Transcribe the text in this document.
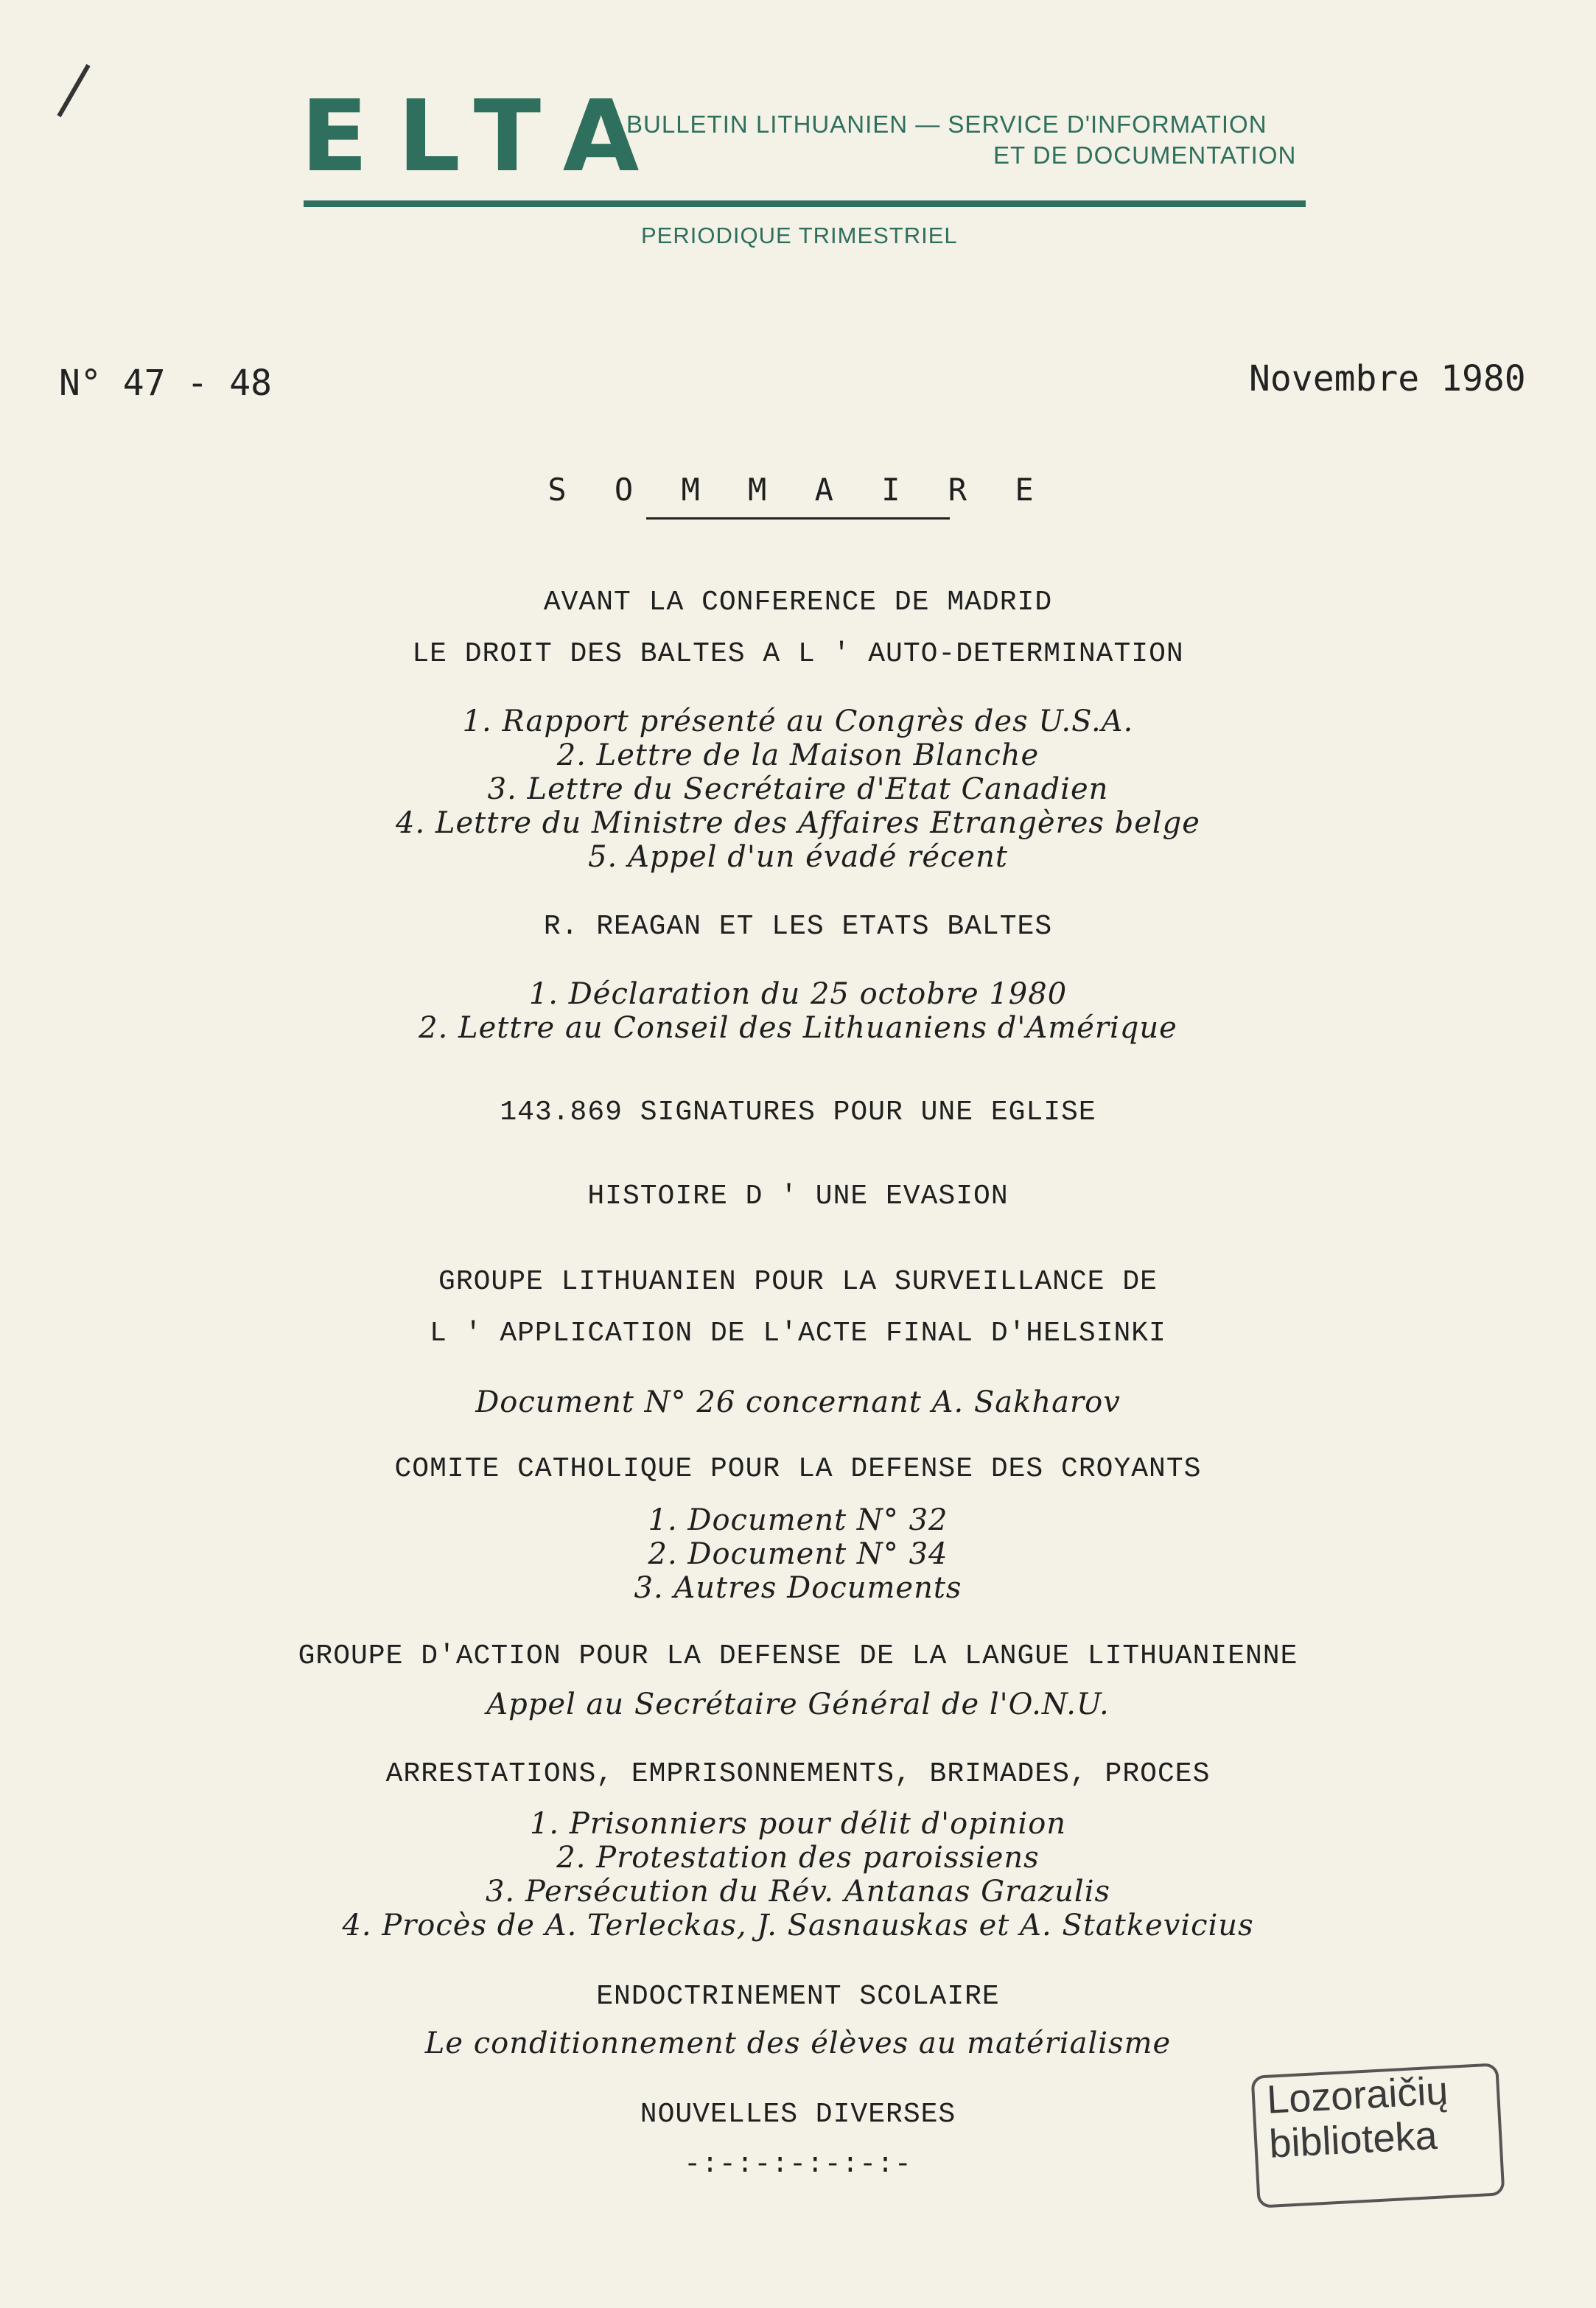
ELTA
BULLETIN LITHUANIEN — SERVICE D'INFORMATION
ET DE DOCUMENTATION
PERIODIQUE TRIMESTRIEL
N° 47 - 48	Novembre 1980
S O M M A I R E
AVANT LA CONFERENCE DE MADRID
LE DROIT DES BALTES A L ' AUTO-DETERMINATION
1. Rapport présenté au Congrès des U.S.A.
2. Lettre de la Maison Blanche
3. Lettre du Secrétaire d'Etat Canadien
4. Lettre du Ministre des Affaires Etrangères belge
5. Appel d'un évadé récent
R. REAGAN ET LES ETATS BALTES
1. Déclaration du 25 octobre 1980
2. Lettre au Conseil des Lithuaniens d'Amérique
143.869 SIGNATURES POUR UNE EGLISE
HISTOIRE D ' UNE EVASION
GROUPE LITHUANIEN POUR LA SURVEILLANCE DE
L ' APPLICATION DE L'ACTE FINAL D'HELSINKI
Document N° 26 concernant A. Sakharov
COMITE CATHOLIQUE POUR LA DEFENSE DES CROYANTS
1. Document N° 32
2. Document N° 34
3. Autres Documents
GROUPE D'ACTION POUR LA DEFENSE DE LA LANGUE LITHUANIENNE
Appel au Secrétaire Général de l'O.N.U.
ARRESTATIONS, EMPRISONNEMENTS, BRIMADES, PROCES
1. Prisonniers pour délit d'opinion
2. Protestation des paroissiens
3. Persécution du Rév. Antanas Grazulis
4. Procès de A. Terleckas, J. Sasnauskas et A. Statkevicius
ENDOCTRINEMENT SCOLAIRE
Le conditionnement des élèves au matérialisme
NOUVELLES DIVERSES
-:-:-:-:-:-:-
Lozoraičių
biblioteka
